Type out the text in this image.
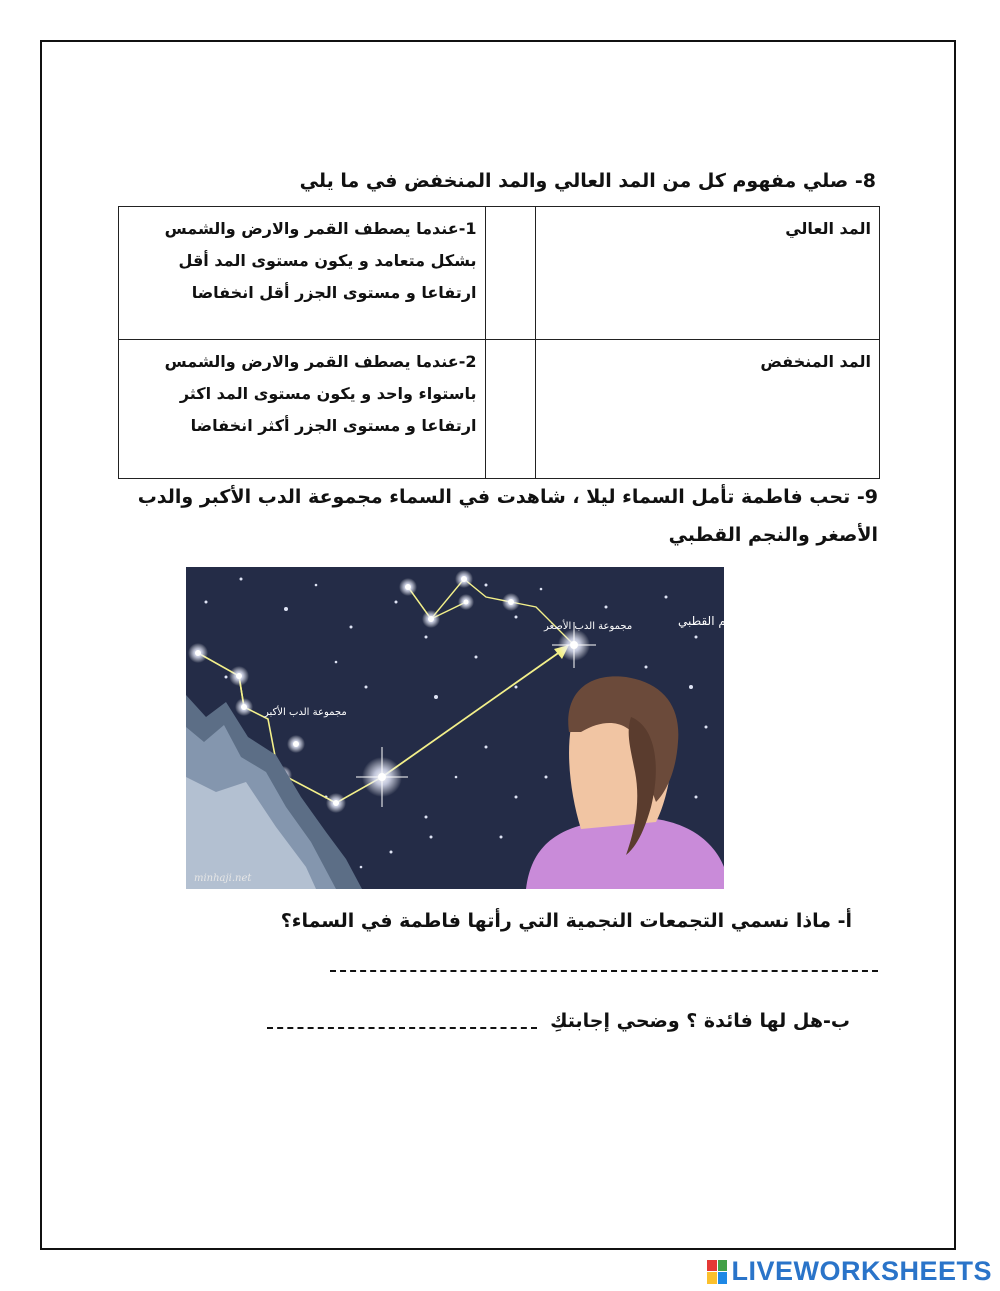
8- صلي مفهوم كل من المد العالي والمد المنخفض في ما يلي
المد العالي		1-عندما يصطف القمر والارض والشمس بشكل متعامد و يكون مستوى المد أقل ارتفاعا و مستوى الجزر أقل انخفاضا
المد المنخفض		2-عندما يصطف القمر والارض والشمس باستواء واحد و يكون مستوى المد اكثر ارتفاعا و مستوى الجزر أكثر انخفاضا
9- تحب فاطمة تأمل السماء ليلا ، شاهدت في السماء مجموعة الدب الأكبر والدب الأصغر والنجم القطبي
النجم القطبي
مجموعة الدب الأصغر
مجموعة الدب الأكبر
minhaji.net
أ- ماذا نسمي التجمعات النجمية التي رأتها فاطمة في السماء؟
ب-هل لها فائدة ؟ وضحي إجابتكِ
LIVEWORKSHEETS
